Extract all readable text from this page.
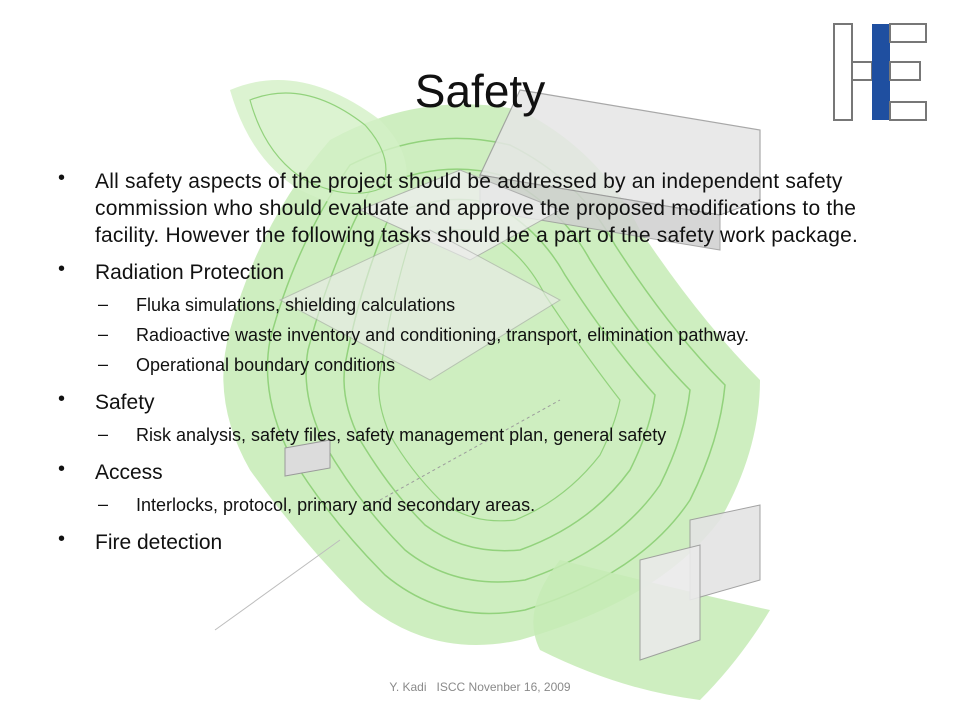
Safety
• All safety aspects of the project should be addressed by an independent safety commission who should evaluate and approve the proposed modifications to the facility. However the following tasks should be a part of the safety work package.
• Radiation Protection
– Fluka simulations, shielding calculations
– Radioactive waste inventory and conditioning, transport, elimination pathway.
– Operational boundary conditions
• Safety
– Risk analysis, safety files, safety management plan, general safety
• Access
– Interlocks, protocol, primary and secondary areas.
• Fire detection
Y. Kadi   ISCC Novenber 16, 2009
